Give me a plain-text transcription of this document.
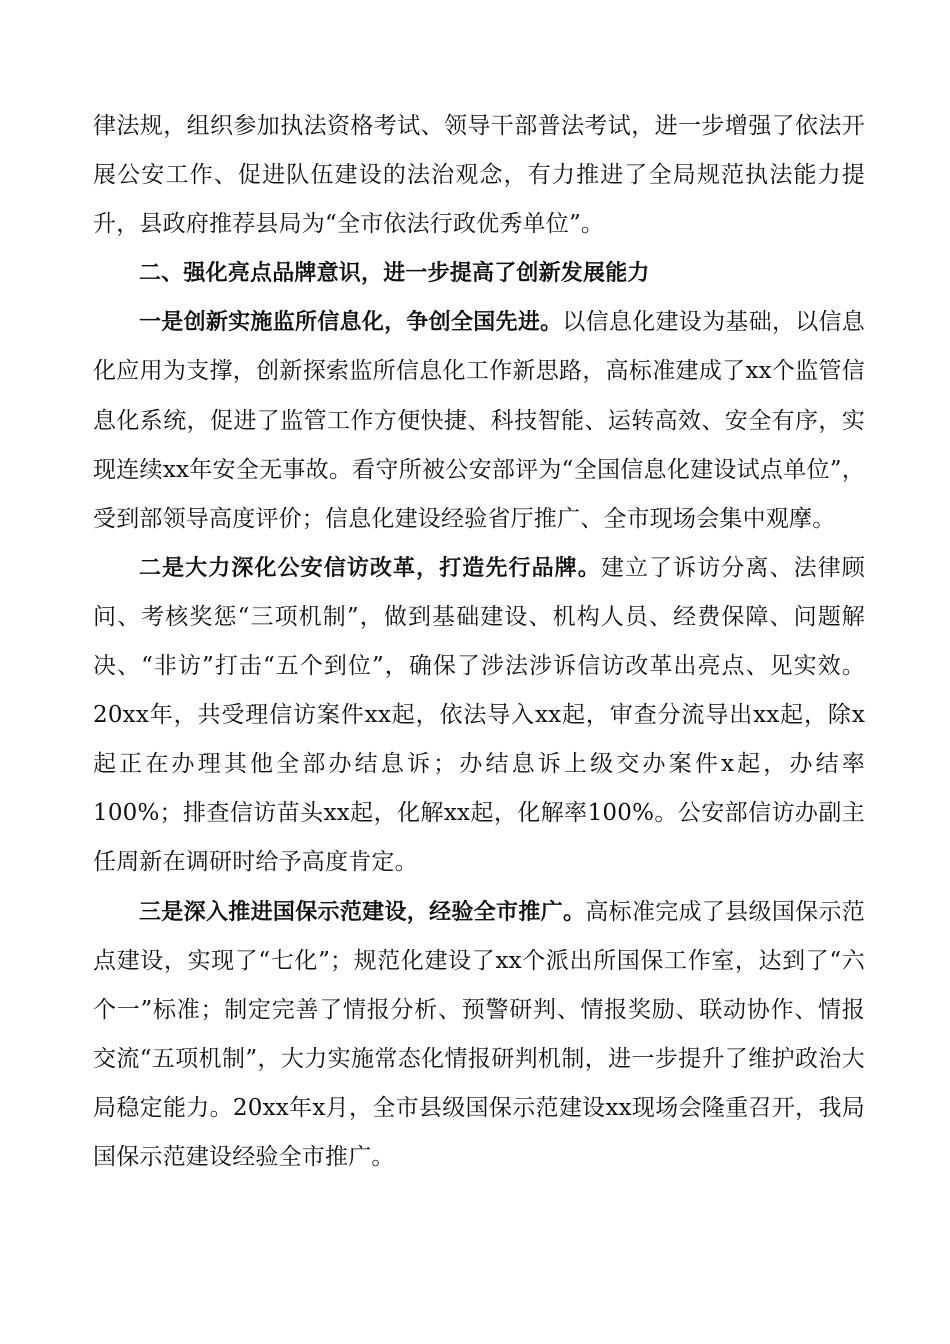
律法规，组织参加执法资格考试、领导干部普法考试，进一步增强了依法开展公安工作、促进队伍建设的法治观念，有力推进了全局规范执法能力提升，县政府推荐县局为“全市依法行政优秀单位”。

二、强化亮点品牌意识，进一步提高了创新发展能力

一是创新实施监所信息化，争创全国先进。以信息化建设为基础，以信息化应用为支撑，创新探索监所信息化工作新思路，高标准建成了xx个监管信息化系统，促进了监管工作方便快捷、科技智能、运转高效、安全有序，实现连续xx年安全无事故。看守所被公安部评为“全国信息化建设试点单位”，受到部领导高度评价；信息化建设经验省厅推广、全市现场会集中观摩。

二是大力深化公安信访改革，打造先行品牌。建立了诉访分离、法律顾问、考核奖惩“三项机制”，做到基础建设、机构人员、经费保障、问题解决、“非访”打击“五个到位”，确保了涉法涉诉信访改革出亮点、见实效。20xx年，共受理信访案件xx起，依法导入xx起，审查分流导出xx起，除x起正在办理其他全部办结息诉；办结息诉上级交办案件x起，办结率100%；排查信访苗头xx起，化解xx起，化解率100%。公安部信访办副主任周新在调研时给予高度肯定。

三是深入推进国保示范建设，经验全市推广。高标准完成了县级国保示范点建设，实现了“七化”；规范化建设了xx个派出所国保工作室，达到了“六个一”标准；制定完善了情报分析、预警研判、情报奖励、联动协作、情报交流“五项机制”，大力实施常态化情报研判机制，进一步提升了维护政治大局稳定能力。20xx年x月，全市县级国保示范建设xx现场会隆重召开，我局国保示范建设经验全市推广。
